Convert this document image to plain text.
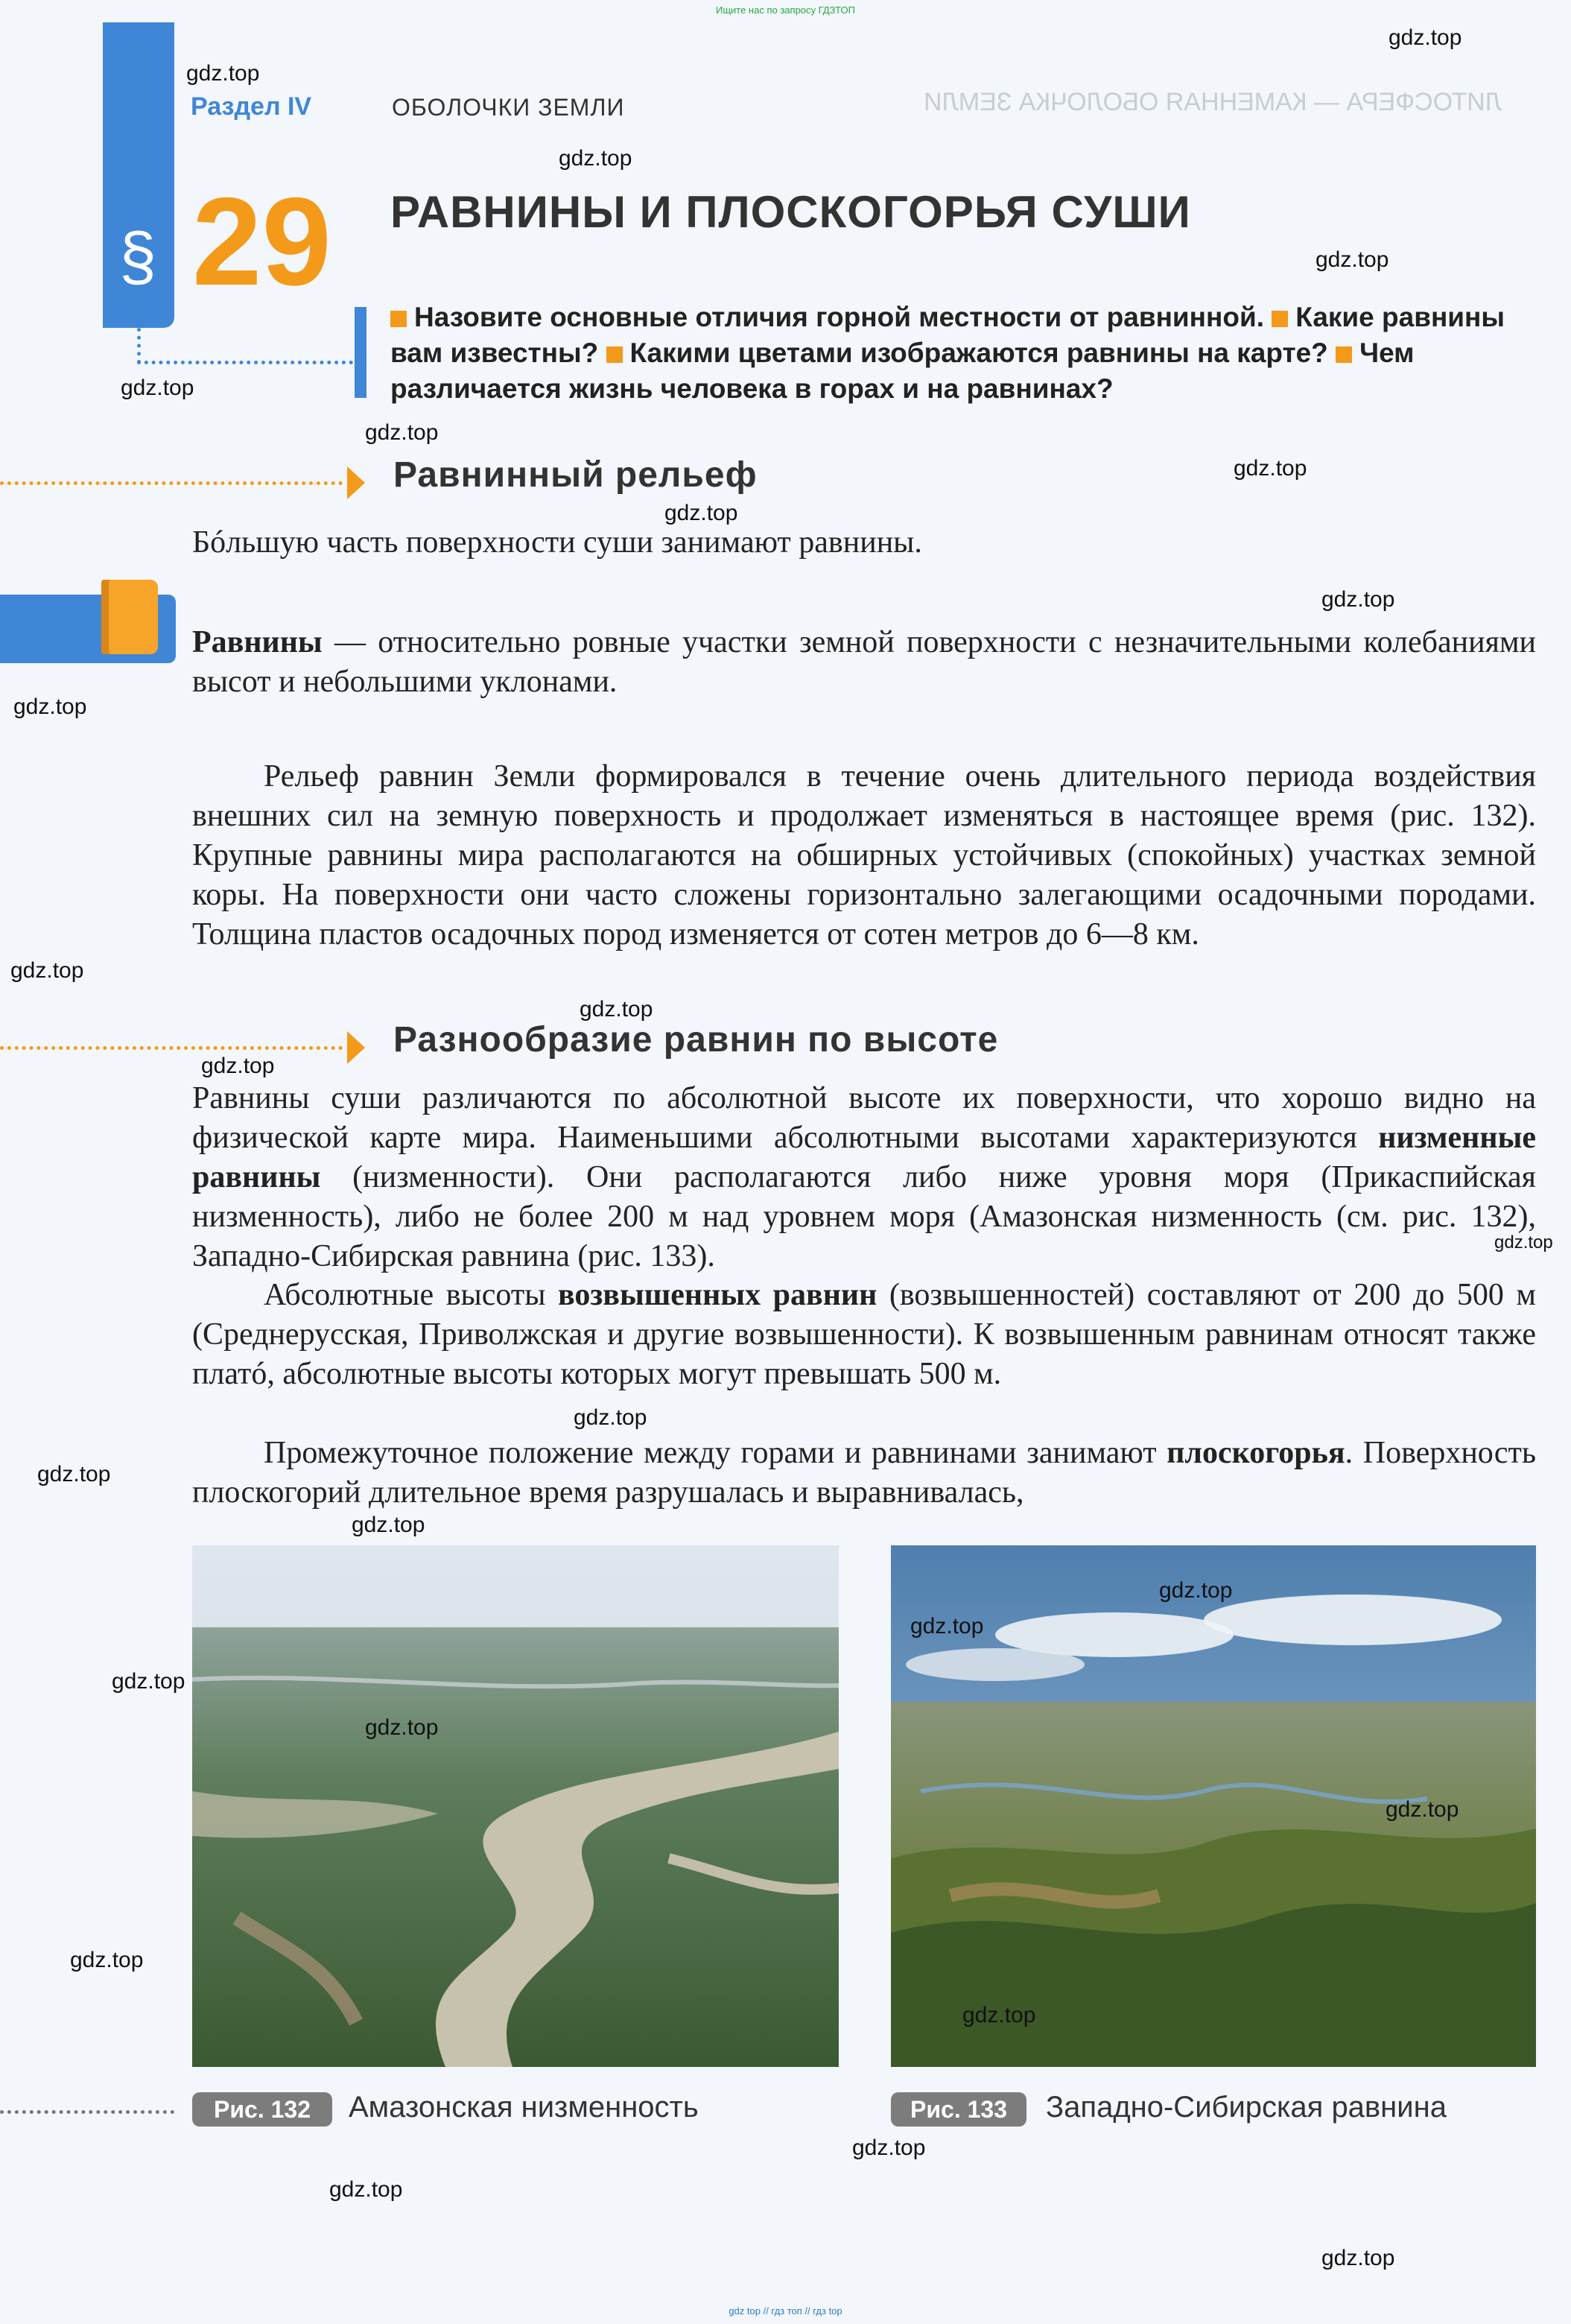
Ищите нас по запросу ГДЗТОП
ЛИТОСФЕРА — КАМЕННАЯ ОБОЛОЧКА ЗЕМЛИ
§
Раздел IV	ОБОЛОЧКИ ЗЕМЛИ
29 РАВНИНЫ И ПЛОСКОГОРЬЯ СУШИ
Назовите основные отличия горной местности от равнинной. Какие равнины вам известны? Какими цветами изображаются равнины на карте? Чем различается жизнь человека в горах и на равнинах?
Равнинный рельеф
Бóльшую часть поверхности суши занимают равнины.
Равнины — относительно ровные участки земной поверхности с незначительными колебаниями высот и небольшими уклонами.
Рельеф равнин Земли формировался в течение очень длительного периода воздействия внешних сил на земную поверхность и продолжает изменяться в настоящее время (рис. 132). Крупные равнины мира располагаются на обширных устойчивых (спокойных) участках земной коры. На поверхности они часто сложены горизонтально залегающими осадочными породами. Толщина пластов осадочных пород изменяется от сотен метров до 6—8 км.
Разнообразие равнин по высоте
Равнины суши различаются по абсолютной высоте их поверхности, что хорошо видно на физической карте мира. Наименьшими абсолютными высотами характеризуются низменные равнины (низменности). Они располагаются либо ниже уровня моря (Прикаспийская низменность), либо не более 200 м над уровнем моря (Амазонская низменность (см. рис. 132), Западно-Сибирская равнина (рис. 133).
Абсолютные высоты возвышенных равнин (возвышенностей) составляют от 200 до 500 м (Среднерусская, Приволжская и другие возвышенности). К возвышенным равнинам относят также платó, абсолютные высоты которых могут превышать 500 м.
Промежуточное положение между горами и равнинами занимают плоскогорья. Поверхность плоскогорий длительное время разрушалась и выравнивалась,
Рис. 132	Амазонская низменность	Рис. 133	Западно-Сибирская равнина
gdz.top
gdz.top
gdz.top
gdz.top
gdz.top
gdz.top
gdz.top
gdz.top
gdz.top
gdz.top
gdz.top
gdz.top
gdz.top
gdz.top
gdz.top
gdz.top
gdz.top
gdz.top
gdz.top
gdz.top
gdz.top
gdz.top
gdz.top
gdz.top
gdz.top
gdz.top
gdz.top
gdz top // гдз топ // гдз top
